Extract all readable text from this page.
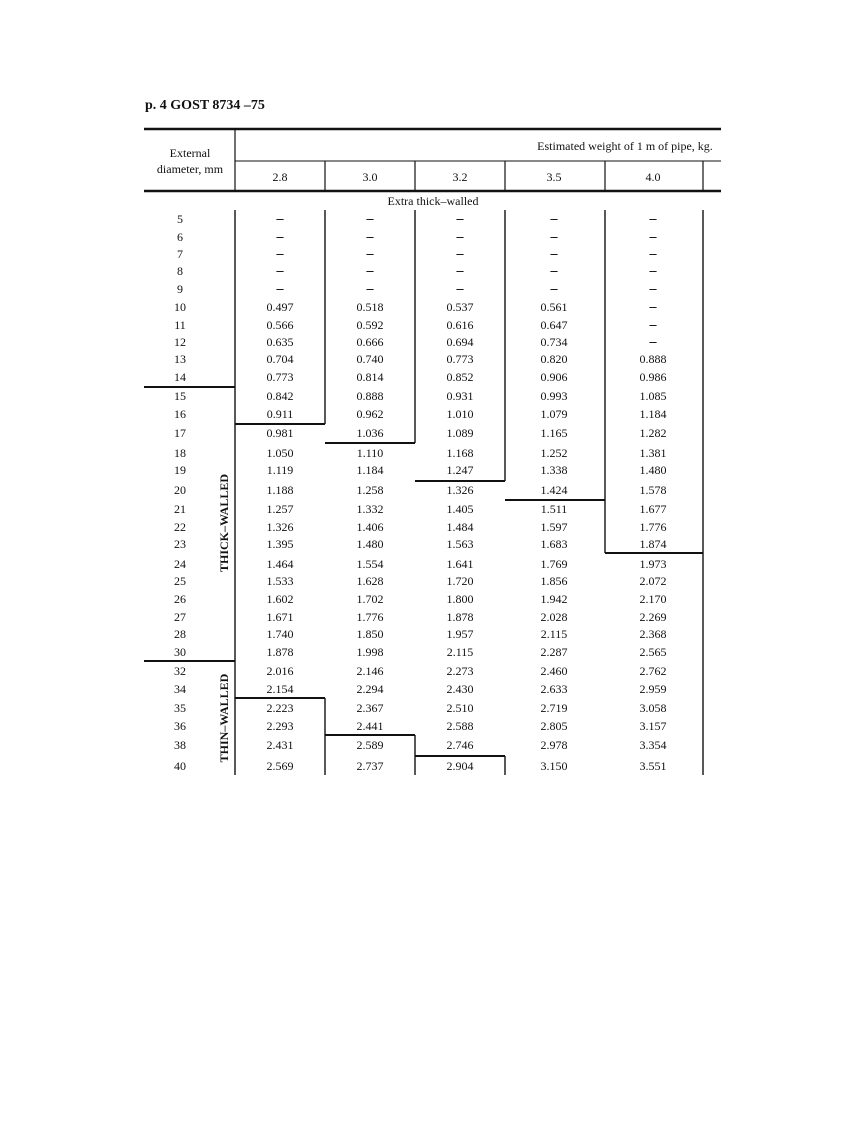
p. 4 GOST 8734 –75
External
diameter, mm
Estimated weight of 1 m of pipe, kg.
2.8	3.0	3.2	3.5	4.0
Extra thick–walled
THICK–WALLED
THIN–WALLED
5	–	–	–	–	–
6	–	–	–	–	–
7	–	–	–	–	–
8	–	–	–	–	–
9	–	–	–	–	–
10	0.497	0.518	0.537	0.561	–
11	0.566	0.592	0.616	0.647	–
12	0.635	0.666	0.694	0.734	–
13	0.704	0.740	0.773	0.820	0.888
14	0.773	0.814	0.852	0.906	0.986
15	0.842	0.888	0.931	0.993	1.085
16	0.911	0.962	1.010	1.079	1.184
17	0.981	1.036	1.089	1.165	1.282
18	1.050	1.110	1.168	1.252	1.381
19	1.119	1.184	1.247	1.338	1.480
20	1.188	1.258	1.326	1.424	1.578
21	1.257	1.332	1.405	1.511	1.677
22	1.326	1.406	1.484	1.597	1.776
23	1.395	1.480	1.563	1.683	1.874
24	1.464	1.554	1.641	1.769	1.973
25	1.533	1.628	1.720	1.856	2.072
26	1.602	1.702	1.800	1.942	2.170
27	1.671	1.776	1.878	2.028	2.269
28	1.740	1.850	1.957	2.115	2.368
30	1.878	1.998	2.115	2.287	2.565
32	2.016	2.146	2.273	2.460	2.762
34	2.154	2.294	2.430	2.633	2.959
35	2.223	2.367	2.510	2.719	3.058
36	2.293	2.441	2.588	2.805	3.157
38	2.431	2.589	2.746	2.978	3.354
40	2.569	2.737	2.904	3.150	3.551
